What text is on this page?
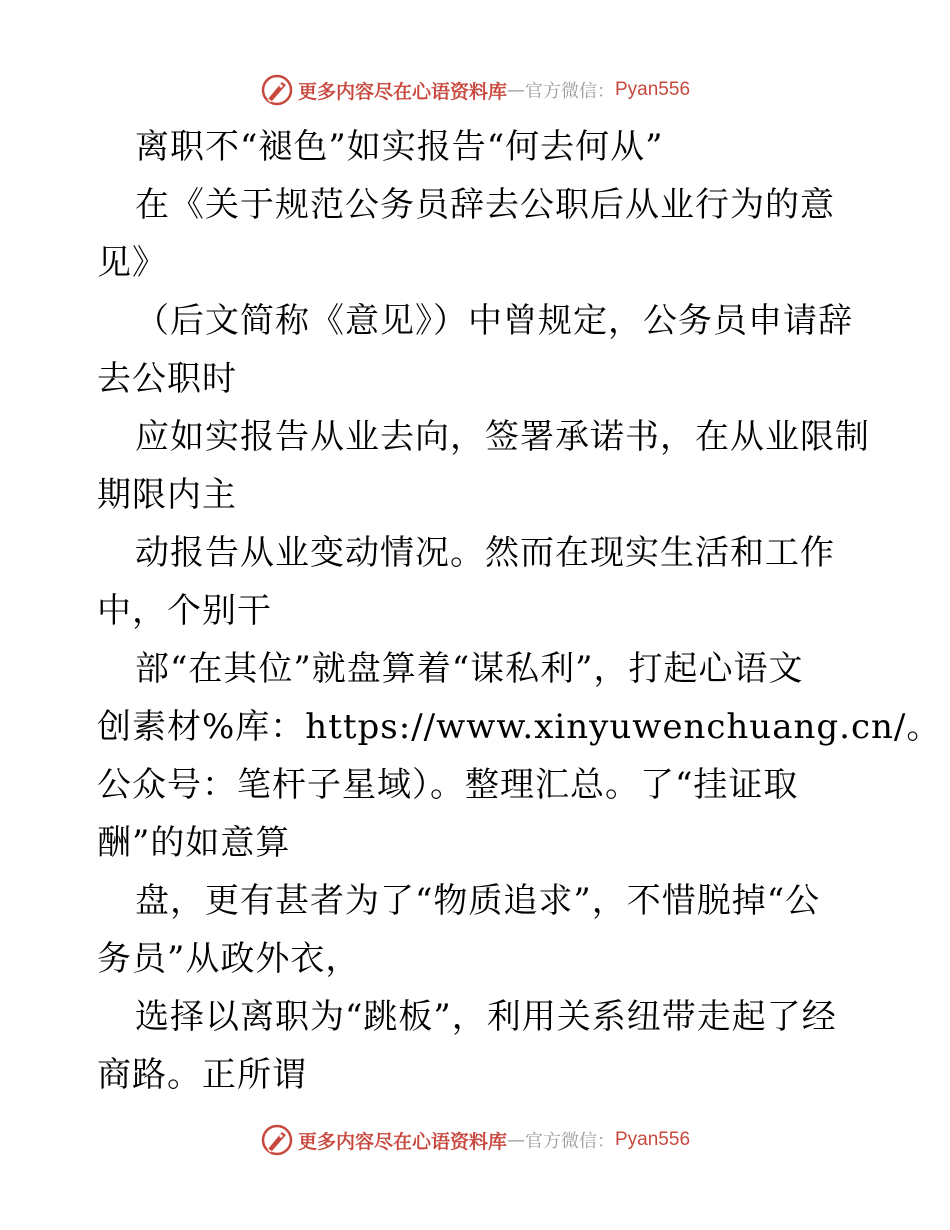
更多内容尽在心语资料库 — 官方微信： Pyan556
离职不“褪色”如实报告“何去何从”
在《关于规范公务员辞去公职后从业行为的意
见》
（后文简称《意见》）中曾规定，公务员申请辞
去公职时
应如实报告从业去向，签署承诺书，在从业限制
期限内主
动报告从业变动情况。然而在现实生活和工作
中，个别干
部“在其位”就盘算着“谋私利”，打起心语文
创素材%库：https://www.xinyuwenchuang.cn/。
公众号：笔杆子星域）。整理汇总。了“挂证取
酬”的如意算
盘，更有甚者为了“物质追求”，不惜脱掉“公
务员”从政外衣，
选择以离职为“跳板”，利用关系纽带走起了经
商路。正所谓
更多内容尽在心语资料库 — 官方微信： Pyan556
